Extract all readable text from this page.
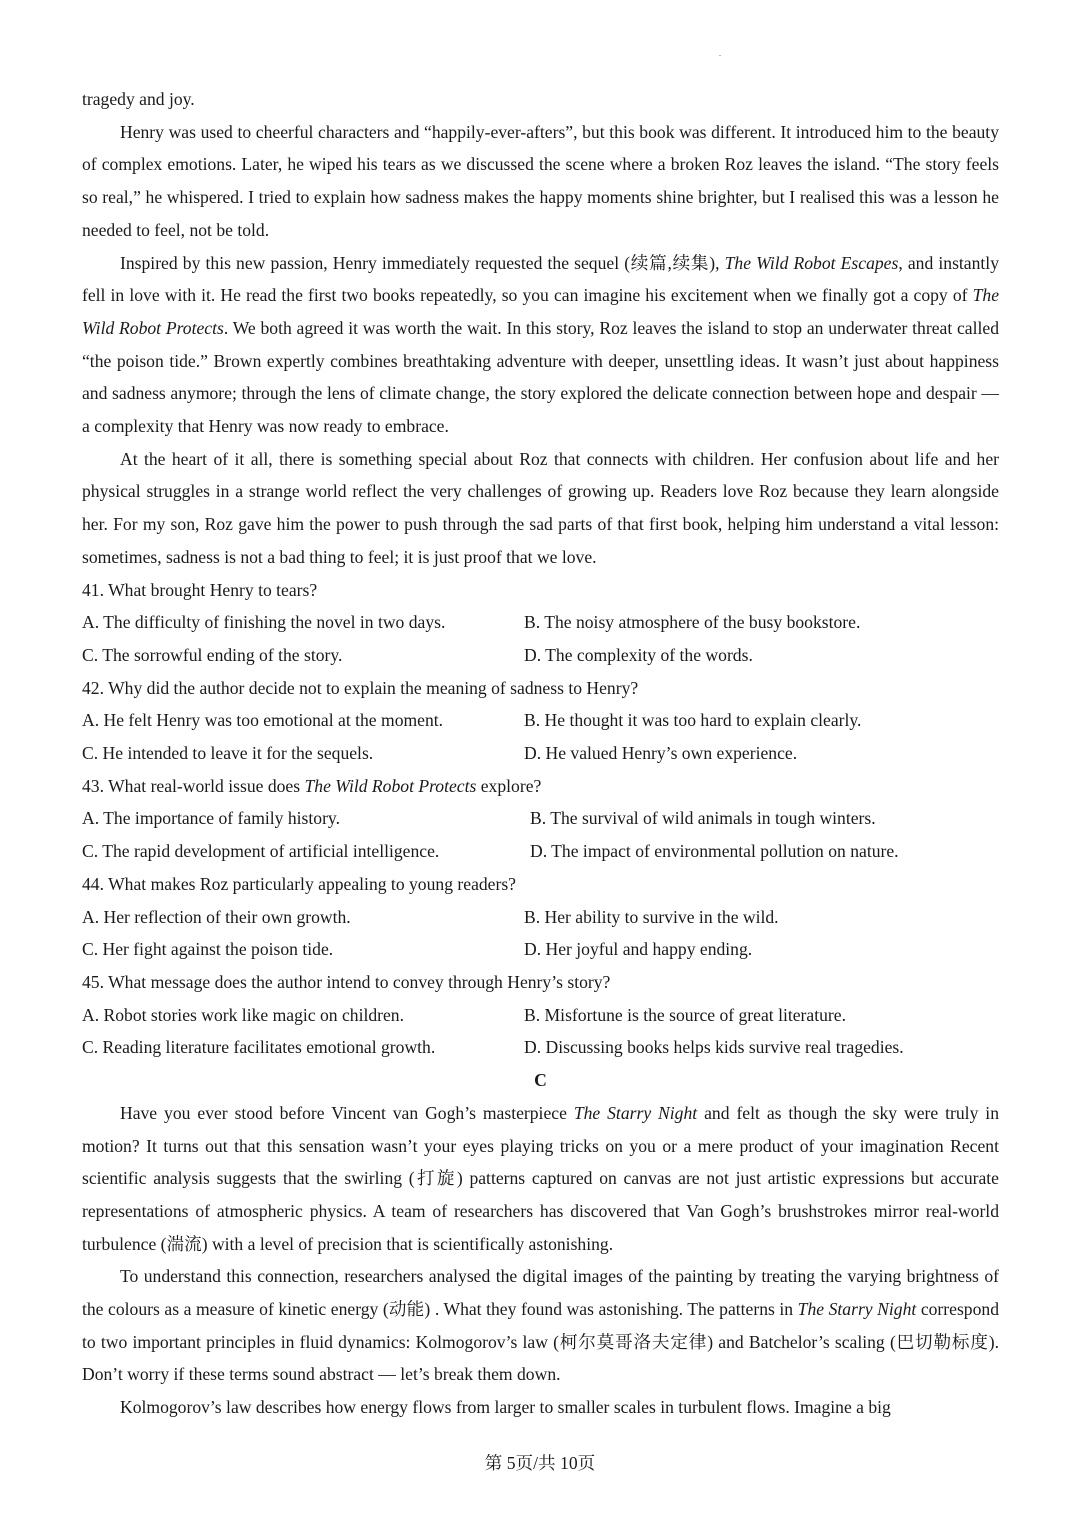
tragedy and joy.

Henry was used to cheerful characters and “happily-ever-afters”, but this book was different. It introduced him to the beauty of complex emotions. Later, he wiped his tears as we discussed the scene where a broken Roz leaves the island. “The story feels so real,” he whispered. I tried to explain how sadness makes the happy moments shine brighter, but I realised this was a lesson he needed to feel, not be told.

Inspired by this new passion, Henry immediately requested the sequel (续篇,续集), The Wild Robot Escapes, and instantly fell in love with it. He read the first two books repeatedly, so you can imagine his excitement when we finally got a copy of The Wild Robot Protects. We both agreed it was worth the wait. In this story, Roz leaves the island to stop an underwater threat called “the poison tide.” Brown expertly combines breathtaking adventure with deeper, unsettling ideas. It wasn’t just about happiness and sadness anymore; through the lens of climate change, the story explored the delicate connection between hope and despair — a complexity that Henry was now ready to embrace.

At the heart of it all, there is something special about Roz that connects with children. Her confusion about life and her physical struggles in a strange world reflect the very challenges of growing up. Readers love Roz because they learn alongside her. For my son, Roz gave him the power to push through the sad parts of that first book, helping him understand a vital lesson: sometimes, sadness is not a bad thing to feel; it is just proof that we love.

41. What brought Henry to tears?

A. The difficulty of finishing the novel in two days.	B. The noisy atmosphere of the busy bookstore.
C. The sorrowful ending of the story.	D. The complexity of the words.

42. Why did the author decide not to explain the meaning of sadness to Henry?

A. He felt Henry was too emotional at the moment.	B. He thought it was too hard to explain clearly.
C. He intended to leave it for the sequels.	D. He valued Henry’s own experience.

43. What real-world issue does The Wild Robot Protects explore?

A. The importance of family history.	B. The survival of wild animals in tough winters.
C. The rapid development of artificial intelligence.	D. The impact of environmental pollution on nature.

44. What makes Roz particularly appealing to young readers?

A. Her reflection of their own growth.	B. Her ability to survive in the wild.
C. Her fight against the poison tide.	D. Her joyful and happy ending.

45. What message does the author intend to convey through Henry’s story?

A. Robot stories work like magic on children.	B. Misfortune is the source of great literature.
C. Reading literature facilitates emotional growth.	D. Discussing books helps kids survive real tragedies.

C

Have you ever stood before Vincent van Gogh’s masterpiece The Starry Night and felt as though the sky were truly in motion? It turns out that this sensation wasn’t your eyes playing tricks on you or a mere product of your imagination Recent scientific analysis suggests that the swirling (打旋) patterns captured on canvas are not just artistic expressions but accurate representations of atmospheric physics. A team of researchers has discovered that Van Gogh’s brushstrokes mirror real-world turbulence (湍流) with a level of precision that is scientifically astonishing.

To understand this connection, researchers analysed the digital images of the painting by treating the varying brightness of the colours as a measure of kinetic energy (动能) . What they found was astonishing. The patterns in The Starry Night correspond to two important principles in fluid dynamics: Kolmogorov’s law (柯尔莫哥洛夫定律) and Batchelor’s scaling (巴切勒标度). Don’t worry if these terms sound abstract — let’s break them down.

Kolmogorov’s law describes how energy flows from larger to smaller scales in turbulent flows. Imagine a big

第 5页/共 10页
